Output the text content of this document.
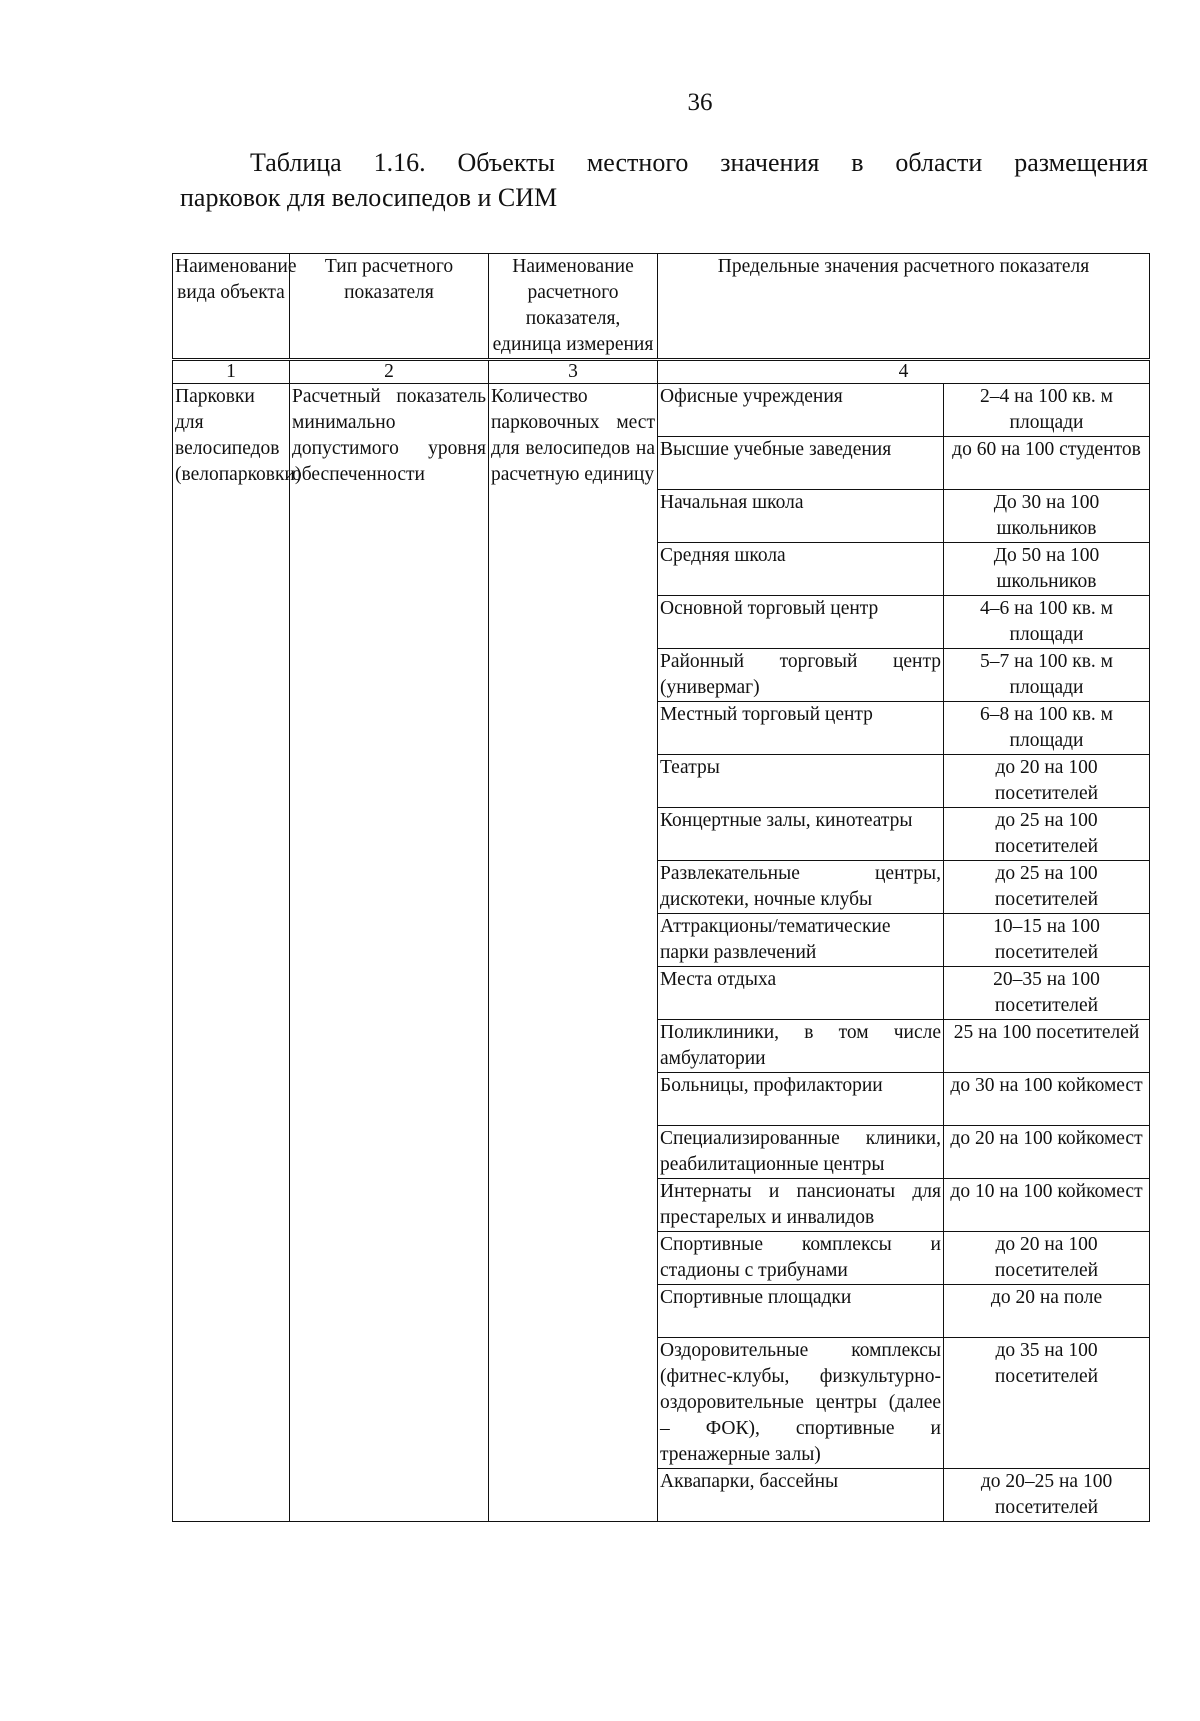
36
Таблица 1.16. Объекты местного значения в области размещения
парковок для велосипедов и СИМ
Наименование вида объекта	Тип расчетного показателя	Наименование расчетного показателя, единица измерения	Предельные значения расчетного показателя	
1	2	3	4	
Парковки для велосипедов (велопарковки)	Расчетный показатель минимально допустимого уровня обеспеченности	Количество парковочных мест для велосипедов на расчетную единицу	Офисные учреждения	2–4 на 100 кв. м площади
			Высшие учебные заведения	до 60 на 100 студентов
			Начальная школа	До 30 на 100 школьников
			Средняя школа	До 50 на 100 школьников
			Основной торговый центр	4–6 на 100 кв. м площади
			Районный торговый центр (универмаг)	5–7 на 100 кв. м площади
			Местный торговый центр	6–8 на 100 кв. м площади
			Театры	до 20 на 100 посетителей
			Концертные залы, кинотеатры	до 25 на 100 посетителей
			Развлекательные центры, дискотеки, ночные клубы	до 25 на 100 посетителей
			Аттракционы/тематические парки развлечений	10–15 на 100 посетителей
			Места отдыха	20–35 на 100 посетителей
			Поликлиники, в том числе амбулатории	25 на 100 посетителей
			Больницы, профилактории	до 30 на 100 койкомест
			Специализированные клиники, реабилитационные центры	до 20 на 100 койкомест
			Интернаты и пансионаты для престарелых и инвалидов	до 10 на 100 койкомест
			Спортивные комплексы и стадионы с трибунами	до 20 на 100 посетителей
			Спортивные площадки	до 20 на поле
			Оздоровительные комплексы (фитнес-клубы, физкультурно-оздоровительные центры (далее – ФОК), спортивные и тренажерные залы)	до 35 на 100 посетителей
			Аквапарки, бассейны	до 20–25 на 100 посетителей
